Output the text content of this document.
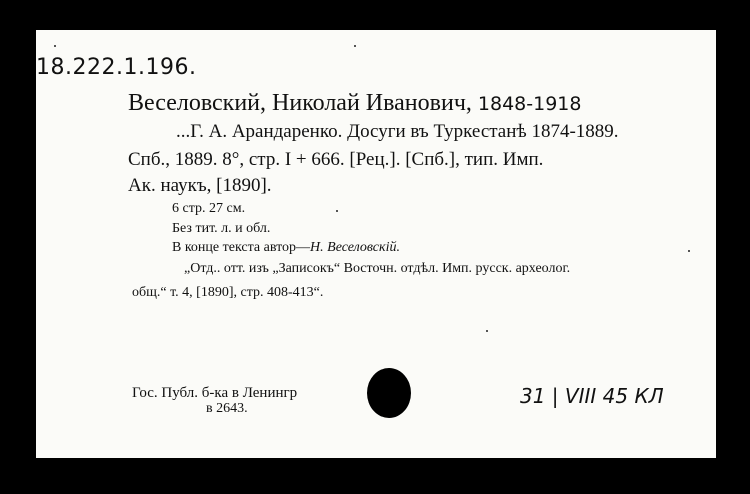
18.222.1.196.
Веселовский, Николай Иванович, 1848-1918
...Г. А. Арандаренко. Досуги въ Туркестанѣ 1874-1889.
Спб., 1889. 8°, стр. I + 666. [Рец.]. [Спб.], тип. Имп.
Ак. наукъ, [1890].
6 стр. 27 см.
Без тит. л. и обл.
В конце текста автор—Н. Веселовскій.
„Отд.. отт. изъ „Записокъ“ Восточн. отдѣл. Имп. русск. археолог.
общ.“ т. 4, [1890], стр. 408-413“.
Гос. Публ. б-ка в Ленингр
в 2643.
31 | VIII 45 КЛ
